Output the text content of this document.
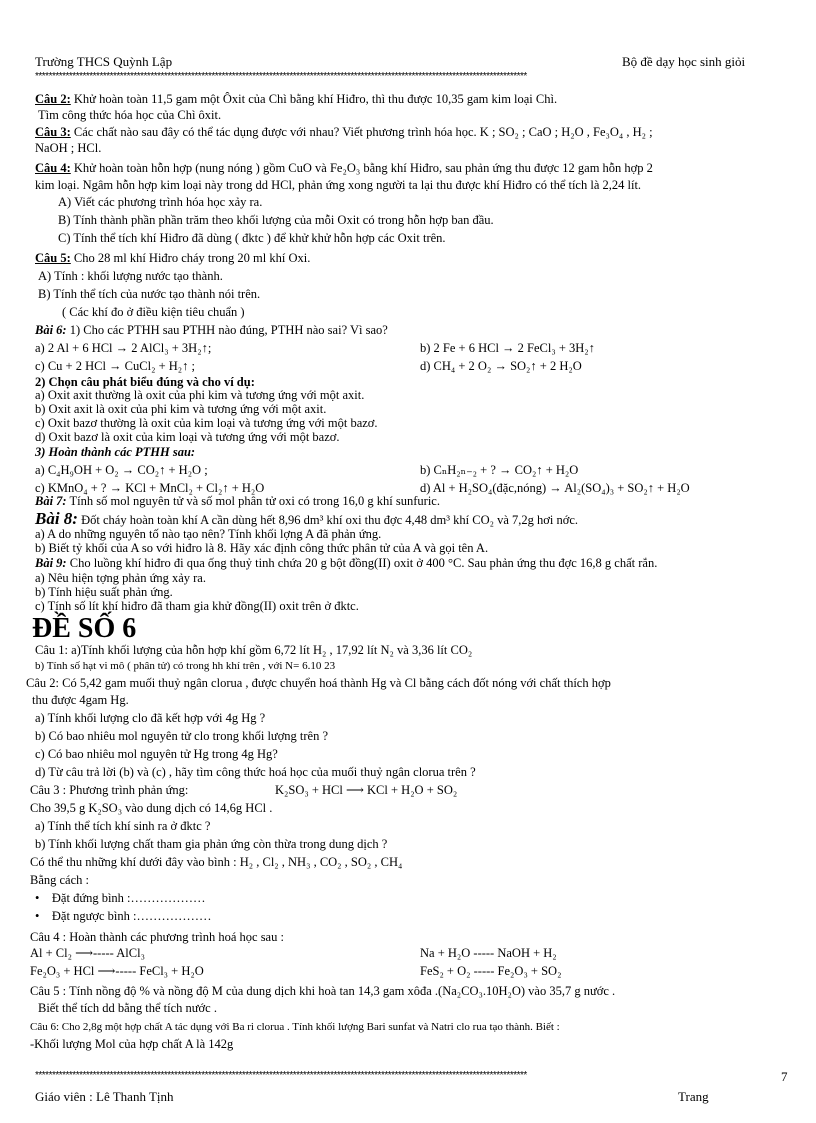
Trường THCS Quỳnh Lập	Bộ đề dạy học sinh giỏi
*************************************************************************************************************************************************
Câu 2: Khử hoàn toàn 11,5 gam một Ôxit của Chì bằng khí Hiđro, thì thu được 10,35 gam kim loại Chì.
Tìm công thức hóa học của Chì ôxit.
Câu 3: Các chất nào sau đây có thể tác dụng được với nhau? Viết phương trình hóa học. K ; SO₂ ; CaO ; H₂O , Fe₃O₄ , H₂ ;
NaOH ; HCl.
Câu 4: Khử hoàn toàn hỗn hợp (nung nóng ) gồm CuO và Fe₂O₃ bằng khí Hiđro, sau phản ứng thu được 12 gam hỗn hợp 2
kim loại. Ngâm hỗn hợp kim loại này trong dd HCl, phản ứng xong người ta lại thu được khí Hiđro có thể tích là 2,24 lít.
A) Viết các phương trình hóa học xảy ra.
B) Tính thành phần phần trăm theo khối lượng của mỗi Oxit có trong hỗn hợp ban đầu.
C) Tính thể tích khí Hiđro đã dùng ( đktc ) để khử khử hỗn hợp các Oxit trên.
Câu 5: Cho 28 ml khí Hiđro cháy trong 20 ml khí Oxi.
A) Tính : khối lượng nước tạo thành.
B) Tính thể tích của nước tạo thành nói trên.
( Các khí đo ở điều kiện tiêu chuẩn )
Bài 6: 1) Cho các PTHH sau PTHH nào đúng, PTHH nào sai? Vì sao?
a) 2 Al + 6 HCl → 2 AlCl₃ + 3H₂↑;	b) 2 Fe + 6 HCl → 2 FeCl₃ + 3H₂↑
c) Cu + 2 HCl → CuCl₂ + H₂↑ ;	d) CH₄ + 2 O₂ → SO₂↑ + 2 H₂O
2) Chọn câu phát biểu đúng và cho ví dụ:
a) Oxit axit thường là oxit của phi kim và tương ứng với một axit.
b) Oxit axit là oxit của phi kim và tương ứng với một axit.
c) Oxit bazơ thường là oxit của kim loại và tương ứng với một bazơ.
d) Oxit bazơ là oxit của kim loại và tương ứng với một bazơ.
3) Hoàn thành các PTHH sau:
a) C₄H₉OH + O₂ → CO₂↑ + H₂O ;	b) CₙH₂ₙ₋₂ + ? → CO₂↑ + H₂O
c) KMnO₄ + ? → KCl + MnCl₂ + Cl₂↑ + H₂O	d) Al + H₂SO₄(đặc,nóng) → Al₂(SO₄)₃ + SO₂↑ + H₂O
Bài 7: Tính số mol nguyên tử và số mol phân tử oxi có trong 16,0 g khí sunfuric.
Bài 8: Đốt cháy hoàn toàn khí A cần dùng hết 8,96 dm³ khí oxi thu đợc 4,48 dm³ khí CO₂ và 7,2g hơi nớc.
a) A do những nguyên tố nào tạo nên? Tính khối lợng A đã phản ứng.
b) Biết tỷ khối của A so với hiđro là 8. Hãy xác định công thức phân tử của A và gọi tên A.
Bài 9: Cho luồng khí hiđro đi qua ống thuỷ tinh chứa 20 g bột đồng(II) oxit ở 400 °C. Sau phản ứng thu đợc 16,8 g chất rắn.
a) Nêu hiện tợng phản ứng xảy ra.
b) Tính hiệu suất phản ứng.
c) Tính số lít khí hiđro đã tham gia khử đồng(II) oxit trên ở đktc.
ĐỀ SỐ 6
Câu 1: a)Tính khối lượng của hỗn hợp khí gồm 6,72 lít H₂ , 17,92 lít N₂ và 3,36 lít CO₂
b) Tính số hạt vi mô ( phân tử) có trong hh khí trên , với N= 6.10 23
Câu 2: Có 5,42 gam muối thuỷ ngân clorua , được chuyển hoá thành Hg và Cl bằng cách đốt nóng với chất thích hợp
thu được 4gam Hg.
a) Tính khối lượng clo đã kết hợp với 4g Hg ?
b) Có bao nhiêu mol nguyên tử clo trong khối lượng trên ?
c) Có bao nhiêu mol nguyên tử Hg trong 4g Hg?
d) Từ câu trả lời (b) và (c) , hãy tìm công thức hoá học của muối thuỷ ngân clorua trên ?
Câu 3 : Phương trình phản ứng:	K₂SO₃ + HCl ⟶ KCl + H₂O + SO₂
Cho 39,5 g K₂SO₃ vào dung dịch có 14,6g HCl .
a) Tính thể tích khí sinh ra ở đktc ?
b) Tính khối lượng chất tham gia phản ứng còn thừa trong dung dịch ?
Có thể thu những khí dưới đây vào bình : H₂ , Cl₂ , NH₃ , CO₂ , SO₂ , CH₄
Bằng cách :
• Đặt đứng bình :………………
• Đặt ngược bình :………………
Câu 4 : Hoàn thành các phương trình hoá học sau :
Al + Cl₂ ⟶----- AlCl₃	Na + H₂O ----- NaOH + H₂
Fe₂O₃ + HCl ⟶----- FeCl₃ + H₂O	FeS₂ + O₂ ----- Fe₂O₃ + SO₂
Câu 5 : Tính nồng độ % và nồng độ M của dung dịch khi hoà tan 14,3 gam xôđa .(Na₂CO₃.10H₂O) vào 35,7 g nước .
Biết thể tích dd bằng thể tích nước .
Câu 6: Cho 2,8g một hợp chất A tác dụng với Ba ri clorua . Tính khối lượng Bari sunfat và Natri clo rua tạo thành. Biết :
-Khối lượng Mol của hợp chất A là 142g
*************************************************************************************************************************************************	7
Giáo viên : Lê Thanh Tịnh	Trang
